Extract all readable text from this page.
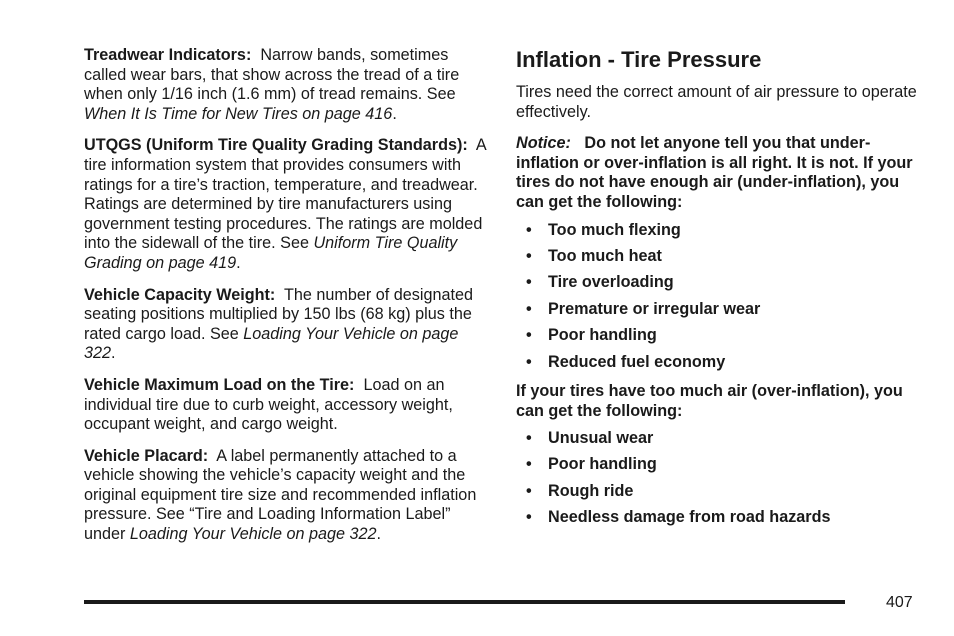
Treadwear Indicators: Narrow bands, sometimes called wear bars, that show across the tread of a tire when only 1/16 inch (1.6 mm) of tread remains. See When It Is Time for New Tires on page 416.

UTQGS (Uniform Tire Quality Grading Standards): A tire information system that provides consumers with ratings for a tire’s traction, temperature, and treadwear. Ratings are determined by tire manufacturers using government testing procedures. The ratings are molded into the sidewall of the tire. See Uniform Tire Quality Grading on page 419.

Vehicle Capacity Weight: The number of designated seating positions multiplied by 150 lbs (68 kg) plus the rated cargo load. See Loading Your Vehicle on page 322.

Vehicle Maximum Load on the Tire: Load on an individual tire due to curb weight, accessory weight, occupant weight, and cargo weight.

Vehicle Placard: A label permanently attached to a vehicle showing the vehicle’s capacity weight and the original equipment tire size and recommended inflation pressure. See “Tire and Loading Information Label” under Loading Your Vehicle on page 322.

Inflation - Tire Pressure

Tires need the correct amount of air pressure to operate effectively.

Notice: Do not let anyone tell you that under-inflation or over-inflation is all right. It is not. If your tires do not have enough air (under-inflation), you can get the following:

• Too much flexing
• Too much heat
• Tire overloading
• Premature or irregular wear
• Poor handling
• Reduced fuel economy

If your tires have too much air (over-inflation), you can get the following:

• Unusual wear
• Poor handling
• Rough ride
• Needless damage from road hazards
407
